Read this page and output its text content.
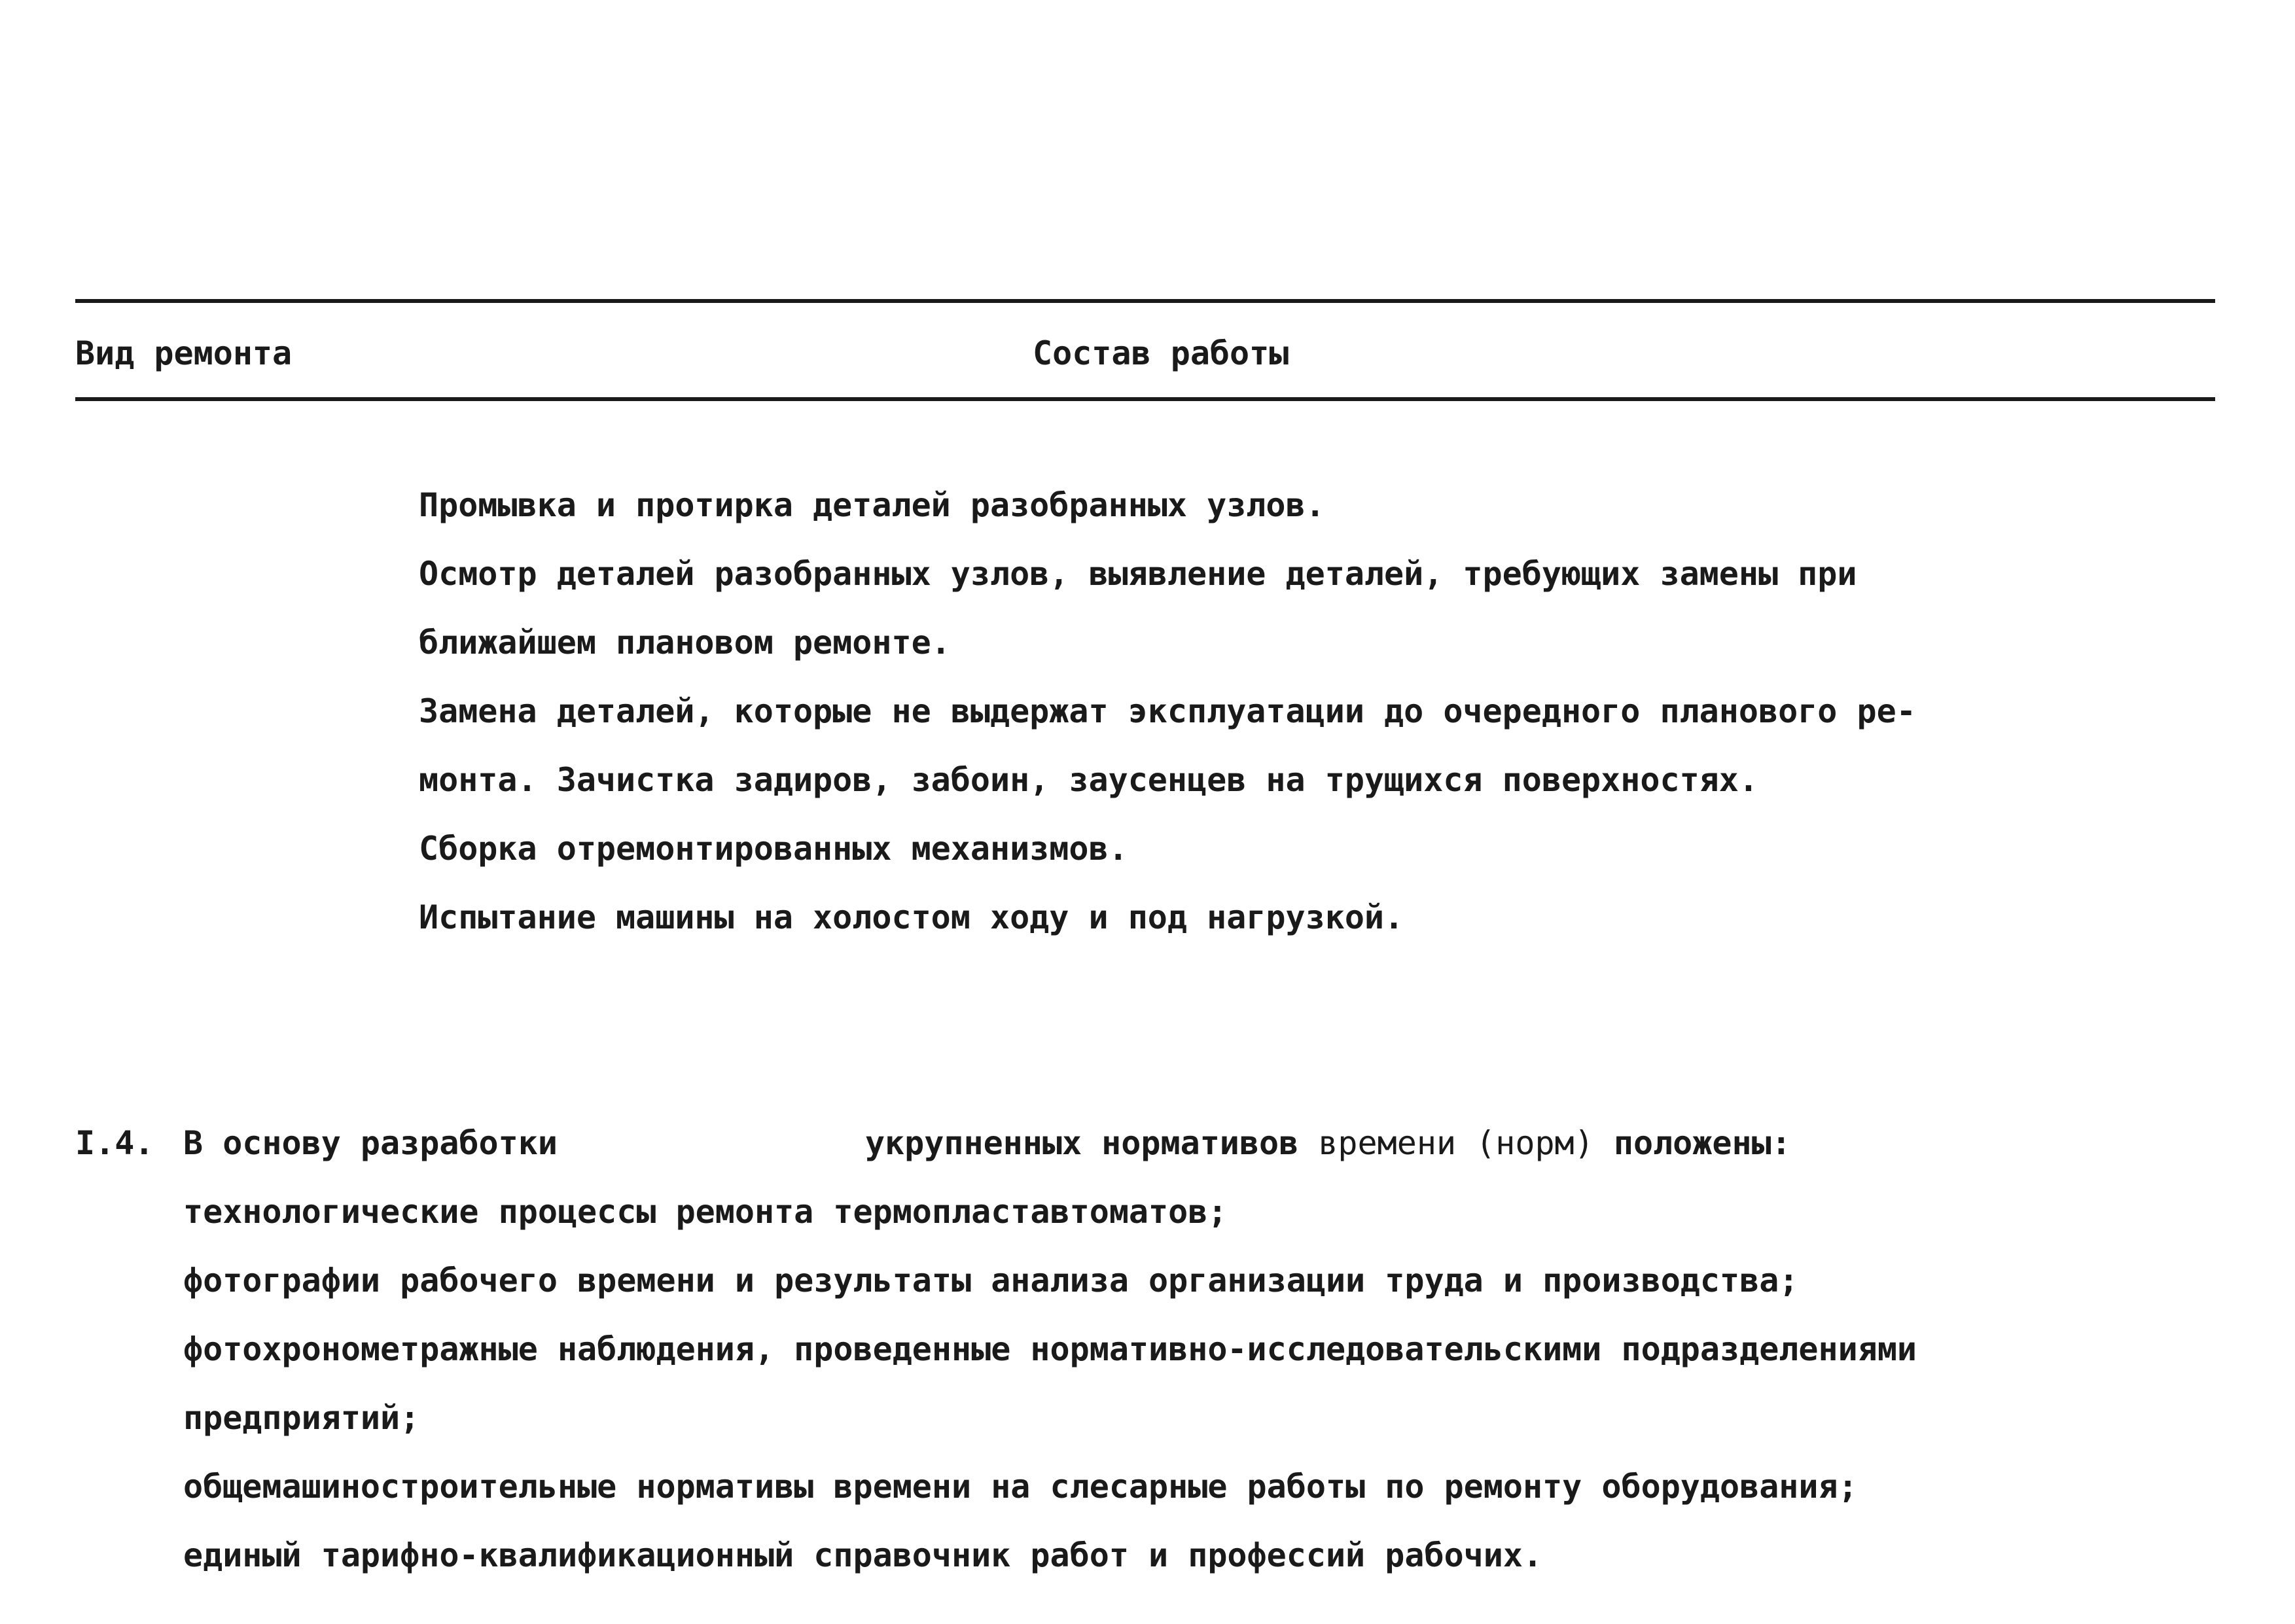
Вид ремонта	Состав работы
Промывка и протирка деталей разобранных узлов.
Осмотр деталей разобранных узлов, выявление деталей, требующих замены при
ближайшем плановом ремонте.
Замена деталей, которые не выдержат эксплуатации до очередного планового ре-
монта. Зачистка задиров, забоин, заусенцев на трущихся поверхностях.
Сборка отремонтированных механизмов.
Испытание машины на холостом ходу и под нагрузкой.
I.4. В основу разработки	укрупненных нормативов времени (норм) положены:
технологические процессы ремонта термопластавтоматов;
фотографии рабочего времени и результаты анализа организации труда и производства;
фотохронометражные наблюдения, проведенные нормативно-исследовательскими подразделениями
предприятий;
общемашиностроительные нормативы времени на слесарные работы по ремонту оборудования;
единый тарифно-квалификационный справочник работ и профессий рабочих.
